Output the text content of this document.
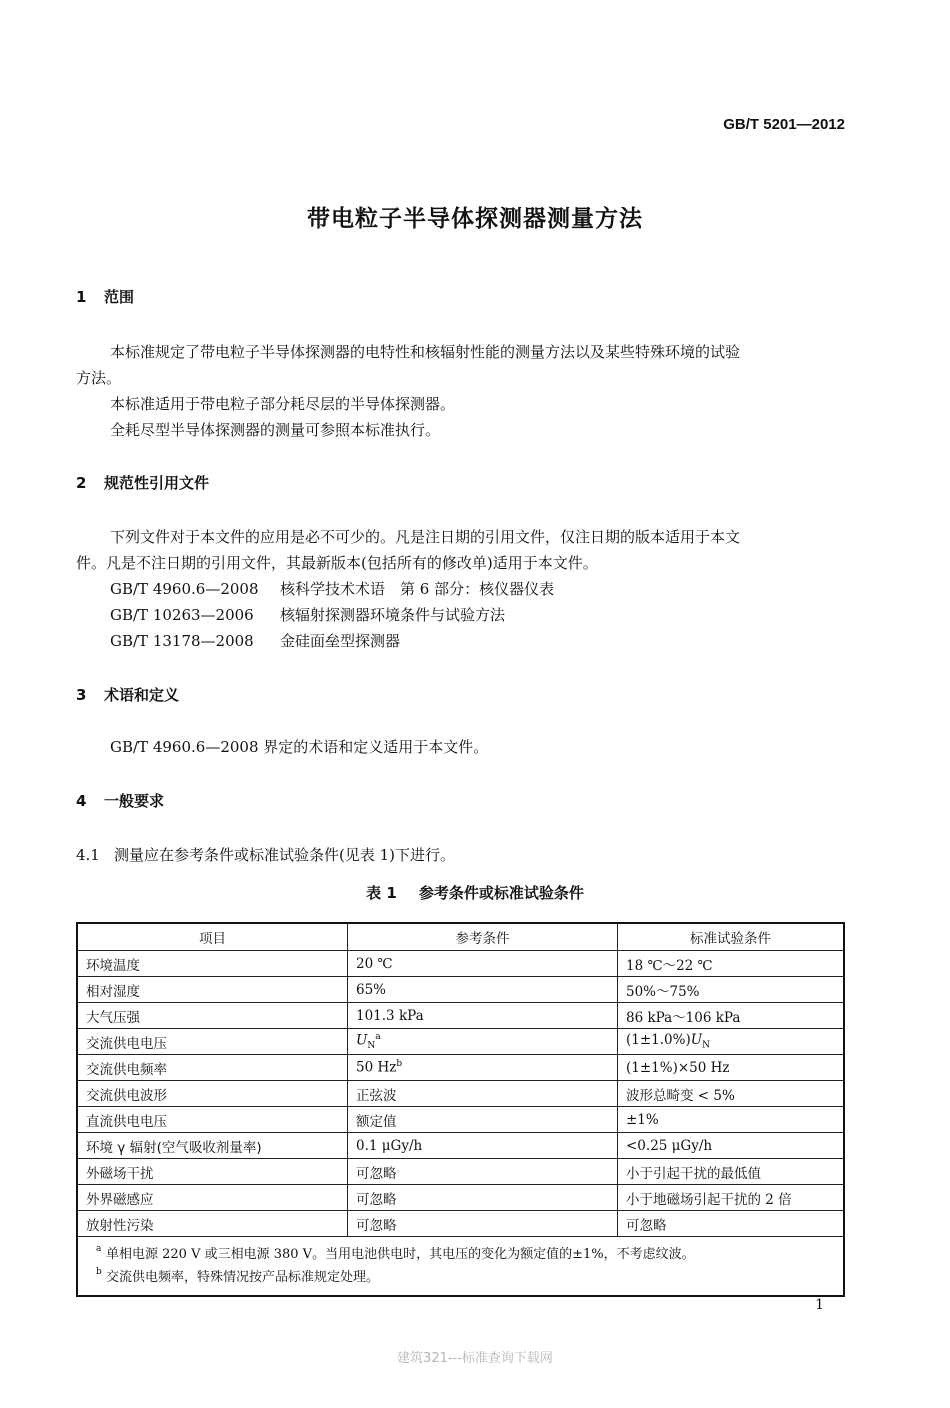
GB/T 5201—2012
带电粒子半导体探测器测量方法
1 范围
本标准规定了带电粒子半导体探测器的电特性和核辐射性能的测量方法以及某些特殊环境的试验
方法。
本标准适用于带电粒子部分耗尽层的半导体探测器。
全耗尽型半导体探测器的测量可参照本标准执行。
2 规范性引用文件
下列文件对于本文件的应用是必不可少的。凡是注日期的引用文件，仅注日期的版本适用于本文
件。凡是不注日期的引用文件，其最新版本(包括所有的修改单)适用于本文件。
GB/T 4960.6—2008 核科学技术术语　第 6 部分：核仪器仪表
GB/T 10263—2006 核辐射探测器环境条件与试验方法
GB/T 13178—2008 金硅面垒型探测器
3 术语和定义
GB/T 4960.6—2008 界定的术语和定义适用于本文件。
4 一般要求
4.1 测量应在参考条件或标准试验条件(见表 1)下进行。
表 1 参考条件或标准试验条件
项目	参考条件	标准试验条件
环境温度	20 ℃	18 ℃～22 ℃
相对湿度	65%	50%～75%
大气压强	101.3 kPa	86 kPa～106 kPa
交流供电电压	$U_N^a$	$(1\pm 1.0\%)U_N$
交流供电频率	50 Hz$^b$	(1±1%)×50 Hz
交流供电波形	正弦波	波形总畸变 < 5%
直流供电电压	额定值	±1%
环境 γ 辐射(空气吸收剂量率)	0.1 μGy/h	<0.25 μGy/h
外磁场干扰	可忽略	小于引起干扰的最低值
外界磁感应	可忽略	小于地磁场引起干扰的 2 倍
放射性污染	可忽略	可忽略

a 单相电源 220 V 或三相电源 380 V。当用电池供电时，其电压的变化为额定值的±1%，不考虑纹波。
b 交流供电频率，特殊情况按产品标准规定处理。		
1
建筑321---标准查询下载网
